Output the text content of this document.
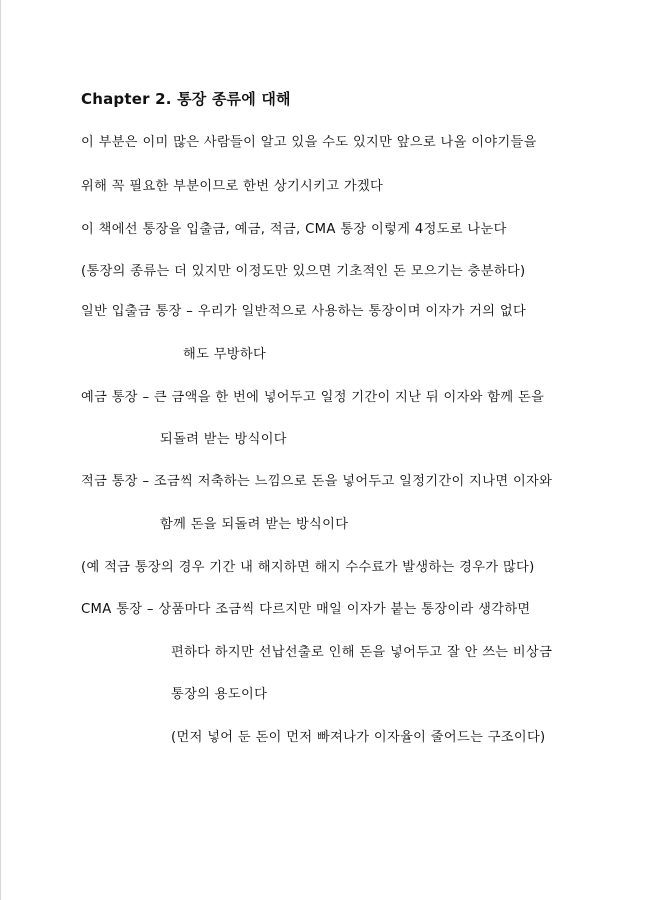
Chapter 2. 통장 종류에 대해
이 부분은 이미 많은 사람들이 알고 있을 수도 있지만 앞으로 나올 이야기들을
위해 꼭 필요한 부분이므로 한번 상기시키고 가겠다
이 책에선 통장을 입출금, 예금, 적금, CMA 통장 이렇게 4정도로 나눈다
(통장의 종류는 더 있지만 이정도만 있으면 기초적인 돈 모으기는 충분하다)
일반 입출금 통장 – 우리가 일반적으로 사용하는 통장이며 이자가 거의 없다
해도 무방하다
예금 통장 – 큰 금액을 한 번에 넣어두고 일정 기간이 지난 뒤 이자와 함께 돈을
되돌려 받는 방식이다
적금 통장 – 조금씩 저축하는 느낌으로 돈을 넣어두고 일정기간이 지나면 이자와
함께 돈을 되돌려 받는 방식이다
(예 적금 통장의 경우 기간 내 해지하면 해지 수수료가 발생하는 경우가 많다)
CMA 통장 – 상품마다 조금씩 다르지만 매일 이자가 붙는 통장이라 생각하면
편하다 하지만 선납선출로 인해 돈을 넣어두고 잘 안 쓰는 비상금
통장의 용도이다
(먼저 넣어 둔 돈이 먼저 빠져나가 이자율이 줄어드는 구조이다)
